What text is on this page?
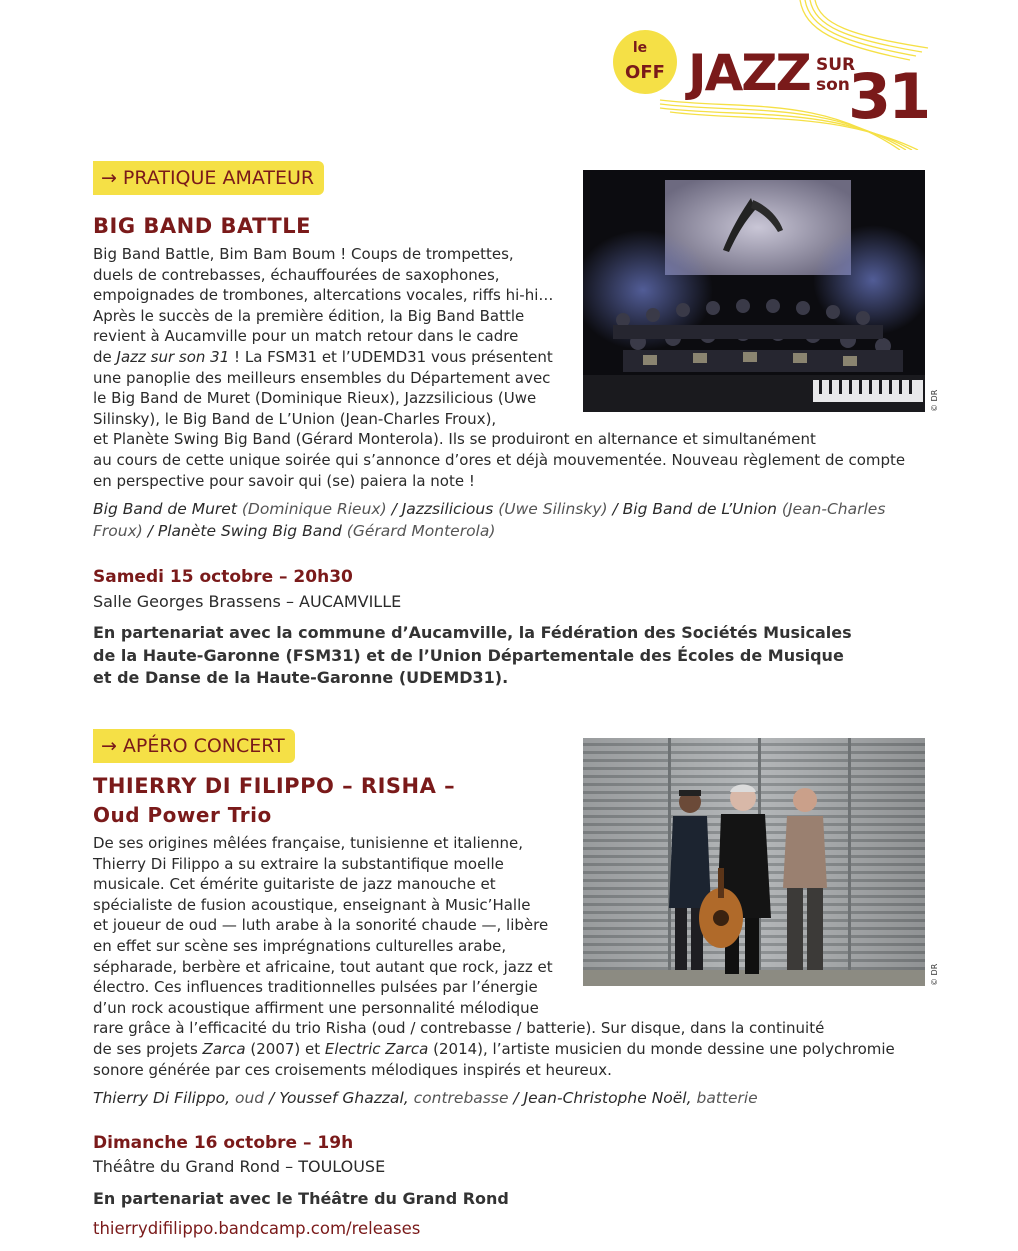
le
OFF JAZZ SUR
son
31
→ PRATIQUE AMATEUR
BIG BAND BATTLE

Big Band Battle, Bim Bam Boum ! Coups de trompettes,

duels de contrebasses, échauffourées de saxophones,

empoignades de trombones, altercations vocales, riffs hi-hi…

Après le succès de la première édition, la Big Band Battle

revient à Aucamville pour un match retour dans le cadre

de Jazz sur son 31 ! La FSM31 et l’UDEMD31 vous présentent

une panoplie des meilleurs ensembles du Département avec

le Big Band de Muret (Dominique Rieux), Jazzsilicious (Uwe

Silinsky), le Big Band de L’Union (Jean-Charles Froux),

et Planète Swing Big Band (Gérard Monterola). Ils se produiront en alternance et simultanément

au cours de cette unique soirée qui s’annonce d’ores et déjà mouvementée. Nouveau règlement de compte

en perspective pour savoir qui (se) paiera la note !

Big Band de Muret (Dominique Rieux) / Jazzsilicious (Uwe Silinsky) / Big Band de L’Union (Jean-Charles
Froux) / Planète Swing Big Band (Gérard Monterola)

Samedi 15 octobre – 20h30

Salle Georges Brassens – AUCAMVILLE

En partenariat avec la commune d’Aucamville, la Fédération des Sociétés Musicales
de la Haute-Garonne (FSM31) et de l’Union Départementale des Écoles de Musique
et de Danse de la Haute-Garonne (UDEMD31).
© DR
→ APÉRO CONCERT
THIERRY DI FILIPPO – RISHA –
Oud Power Trio

De ses origines mêlées française, tunisienne et italienne,

Thierry Di Filippo a su extraire la substantifique moelle

musicale. Cet émérite guitariste de jazz manouche et

spécialiste de fusion acoustique, enseignant à Music’Halle

et joueur de oud — luth arabe à la sonorité chaude —, libère

en effet sur scène ses imprégnations culturelles arabe,

sépharade, berbère et africaine, tout autant que rock, jazz et

électro. Ces influences traditionnelles pulsées par l’énergie

d’un rock acoustique affirment une personnalité mélodique

rare grâce à l’efficacité du trio Risha (oud / contrebasse / batterie). Sur disque, dans la continuité

de ses projets Zarca (2007) et Electric Zarca (2014), l’artiste musicien du monde dessine une polychromie

sonore générée par ces croisements mélodiques inspirés et heureux.

Thierry Di Filippo, oud / Youssef Ghazzal, contrebasse / Jean-Christophe Noël, batterie

Dimanche 16 octobre – 19h

Théâtre du Grand Rond – TOULOUSE

En partenariat avec le Théâtre du Grand Rond

thierrydifilippo.bandcamp.com/releases

© DR
